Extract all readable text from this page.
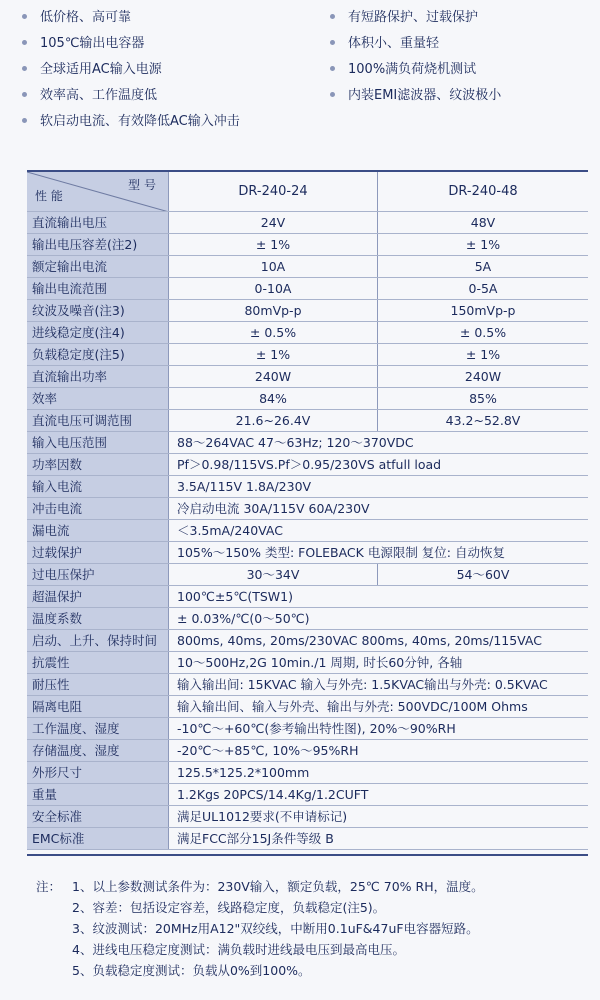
低价格、高可靠
105℃输出电容器
全球适用AC输入电源
效率高、工作温度低
软启动电流、有效降低AC输入冲击
有短路保护、过载保护
体积小、重量轻
100%满负荷烧机测试
内装EMI滤波器、纹波极小
型 号
性 能	DR-240-24	DR-240-48
直流输出电压	24V	48V
输出电压容差(注2)	± 1%	± 1%
额定输出电流	10A	5A
输出电流范围	0-10A	0-5A
纹波及噪音(注3)	80mVp-p	150mVp-p
进线稳定度(注4)	± 0.5%	± 0.5%
负载稳定度(注5)	± 1%	± 1%
直流输出功率	240W	240W
效率	84%	85%
直流电压可调范围	21.6~26.4V	43.2~52.8V
输入电压范围	88～264VAC 47～63Hz; 120～370VDC
功率因数	Pf＞0.98/115VS.Pf＞0.95/230VS atfull load
输入电流	3.5A/115V 1.8A/230V
冲击电流	冷启动电流 30A/115V 60A/230V
漏电流	＜3.5mA/240VAC
过载保护	105%～150% 类型: FOLEBACK 电源限制 复位: 自动恢复
过电压保护	30～34V	54～60V
超温保护	100℃±5℃(TSW1)
温度系数	± 0.03%/℃(0～50℃)
启动、上升、保持时间	800ms, 40ms, 20ms/230VAC 800ms, 40ms, 20ms/115VAC
抗震性	10～500Hz,2G 10min./1 周期, 时长60分钟, 各轴
耐压性	输入输出间: 15KVAC 输入与外壳: 1.5KVAC输出与外壳: 0.5KVAC
隔离电阻	输入输出间、输入与外壳、输出与外壳: 500VDC/100M Ohms
工作温度、湿度	-10℃～+60℃(参考输出特性图), 20%～90%RH
存储温度、湿度	-20℃～+85℃, 10%～95%RH
外形尺寸	125.5*125.2*100mm
重量	1.2Kgs 20PCS/14.4Kg/1.2CUFT
安全标准	满足UL1012要求(不申请标记)
EMC标准	满足FCC部分15J条件等级 B
注： 1、以上参数测试条件为：230V输入，额定负载，25℃ 70% RH，温度。
2、容差：包括设定容差，线路稳定度，负载稳定(注5)。
3、纹波测试：20MHz用A12"双绞线，中断用0.1uF&47uF电容器短路。
4、进线电压稳定度测试：满负载时进线最电压到最高电压。
5、负载稳定度测试：负载从0%到100%。
